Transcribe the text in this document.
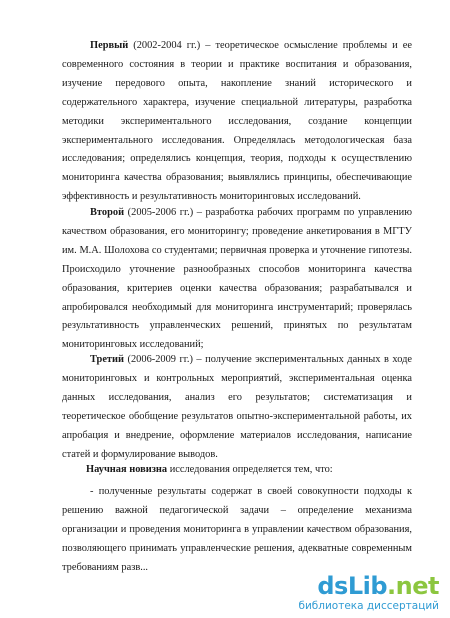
Первый (2002-2004 гг.) – теоретическое осмысление проблемы и ее современного состояния в теории и практике воспитания и образования, изучение передового опыта, накопление знаний исторического и содержательного характера, изучение специальной литературы, разработка методики экспериментального исследования, создание концепции экспериментального исследования. Определялась методологическая база исследования; определялись концепция, теория, подходы к осуществлению мониторинга качества образования; выявлялись принципы, обеспечивающие эффективность и результативность мониторинговых исследований.

Второй (2005-2006 гг.) – разработка рабочих программ по управлению качеством образования, его мониторингу; проведение анкетирования в МГТУ им. М.А. Шолохова со студентами; первичная проверка и уточнение гипотезы. Происходило уточнение разнообразных способов мониторинга качества образования, критериев оценки качества образования; разрабатывался и апробировался необходимый для мониторинга инструментарий; проверялась результативность управленческих решений, принятых по результатам мониторинговых исследований;

Третий (2006-2009 гг.) – получение экспериментальных данных в ходе мониторинговых и контрольных мероприятий, экспериментальная оценка данных исследования, анализ его результатов; систематизация и теоретическое обобщение результатов опытно-экспериментальной работы, их апробация и внедрение, оформление материалов исследования, написание статей и формулирование выводов.

Научная новизна исследования определяется тем, что:

- полученные результаты содержат в своей совокупности подходы к решению важной педагогической задачи – определение механизма организации и проведения мониторинга в управлении качеством образования, позволяющего принимать управленческие решения, адекватные современным требованиям разв...

dsLib.net
библиотека диссертаций
